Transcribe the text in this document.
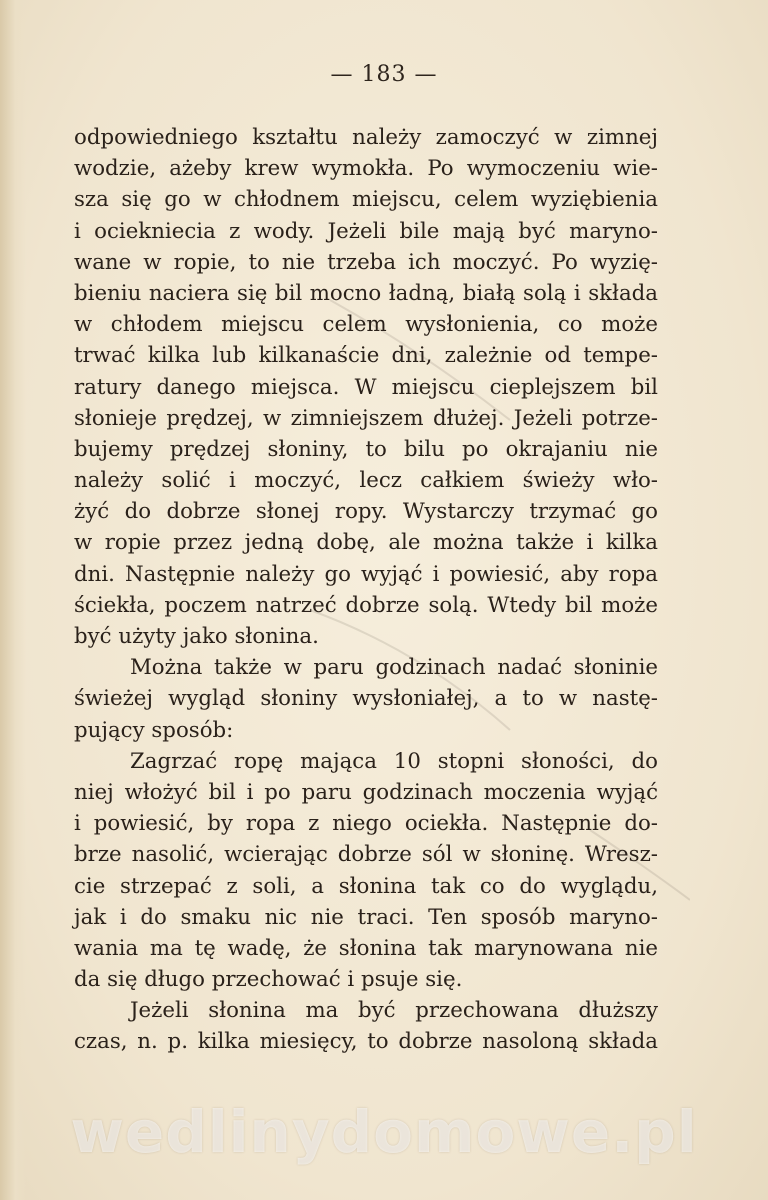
— 183 —
odpowiedniego kształtu należy zamoczyć w zimnej
wodzie, ażeby krew wymokła. Po wymoczeniu wie-
sza się go w chłodnem miejscu, celem wyziębienia
i ociekniecia z wody. Jeżeli bile mają być maryno-
wane w ropie, to nie trzeba ich moczyć. Po wyzię-
bieniu naciera się bil mocno ładną, białą solą i składa
w chłodem miejscu celem wysłonienia, co może
trwać kilka lub kilkanaście dni, zależnie od tempe-
ratury danego miejsca. W miejscu cieplejszem bil
słonieje prędzej, w zimniejszem dłużej. Jeżeli potrze-
bujemy prędzej słoniny, to bilu po okrajaniu nie
należy solić i moczyć, lecz całkiem świeży wło-
żyć do dobrze słonej ropy. Wystarczy trzymać go
w ropie przez jedną dobę, ale można także i kilka
dni. Następnie należy go wyjąć i powiesić, aby ropa
ściekła, poczem natrzeć dobrze solą. Wtedy bil może
być użyty jako słonina.
Można także w paru godzinach nadać słoninie
świeżej wygląd słoniny wysłoniałej, a to w nastę-
pujący sposób:
Zagrzać ropę mająca 10 stopni słoności, do
niej włożyć bil i po paru godzinach moczenia wyjąć
i powiesić, by ropa z niego ociekła. Następnie do-
brze nasolić, wcierając dobrze sól w słoninę. Wresz-
cie strzepać z soli, a słonina tak co do wyglądu,
jak i do smaku nic nie traci. Ten sposób maryno-
wania ma tę wadę, że słonina tak marynowana nie
da się długo przechować i psuje się.
Jeżeli słonina ma być przechowana dłuższy
czas, n. p. kilka miesięcy, to dobrze nasoloną składa
wedlinydomowe.pl
